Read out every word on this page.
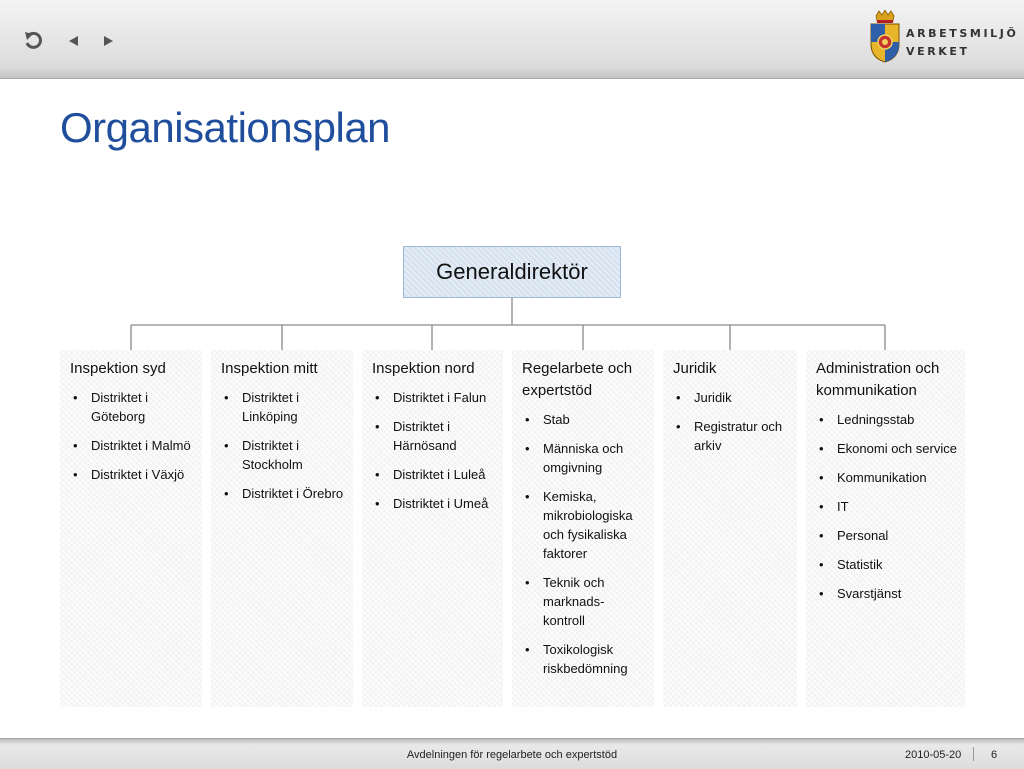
ARBETSMILJÖ
VERKET
Organisationsplan
Generaldirektör
Inspektion syd
• Distriktet i Göteborg
• Distriktet i Malmö
• Distriktet i Växjö
Inspektion mitt
• Distriktet i Linköping
• Distriktet i Stockholm
• Distriktet i Örebro
Inspektion nord
• Distriktet i Falun
• Distriktet i Härnösand
• Distriktet i Luleå
• Distriktet i Umeå
Regelarbete och expertstöd
• Stab
• Människa och omgivning
• Kemiska, mikrobiologiska och fysikaliska faktorer
• Teknik och marknads-kontroll
• Toxikologisk riskbedömning
Juridik
• Juridik
• Registratur och arkiv
Administration och kommunikation
• Ledningsstab
• Ekonomi och service
• Kommunikation
• IT
• Personal
• Statistik
• Svarstjänst
Avdelningen för regelarbete och expertstöd	2010-05-20	6
